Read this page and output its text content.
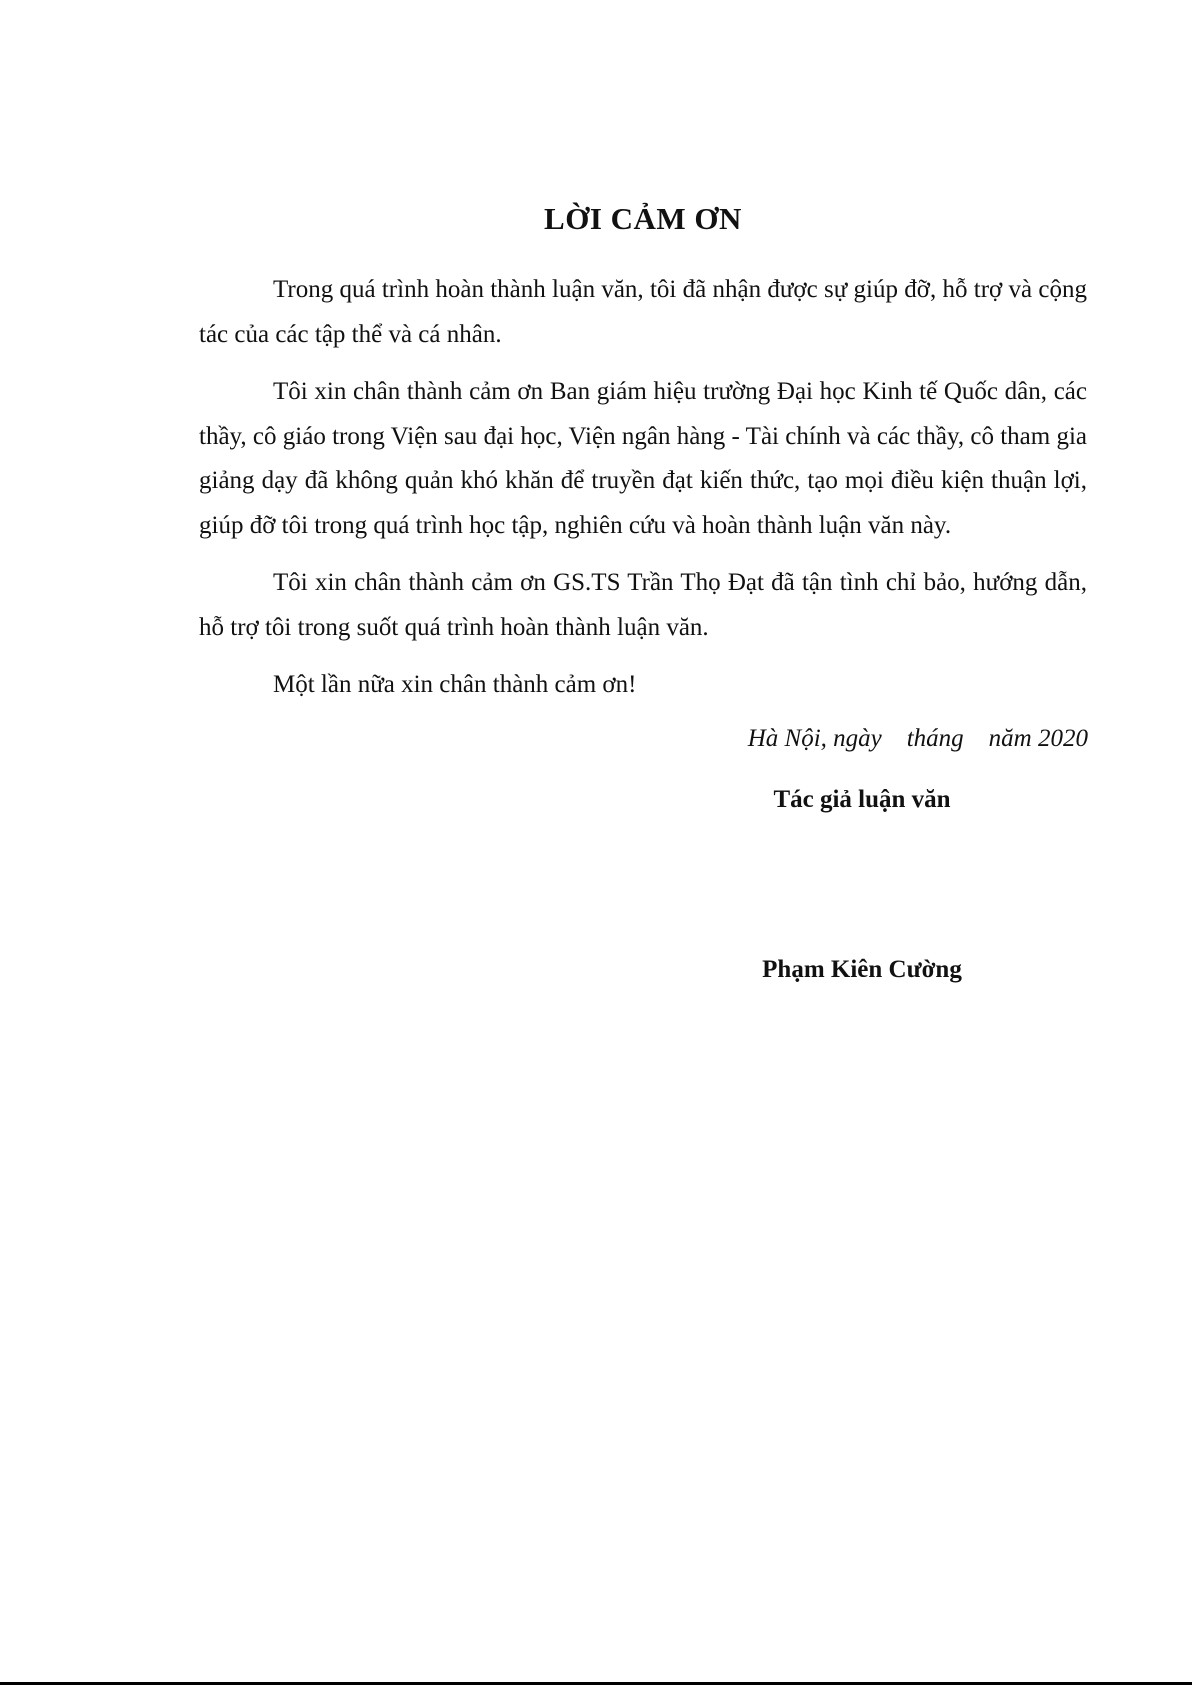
LỜI CẢM ƠN

Trong quá trình hoàn thành luận văn, tôi đã nhận được sự giúp đỡ, hỗ trợ và cộng tác của các tập thể và cá nhân.

Tôi xin chân thành cảm ơn Ban giám hiệu trường Đại học Kinh tế Quốc dân, các thầy, cô giáo trong Viện sau đại học, Viện ngân hàng - Tài chính và các thầy, cô tham gia giảng dạy đã không quản khó khăn để truyền đạt kiến thức, tạo mọi điều kiện thuận lợi, giúp đỡ tôi trong quá trình học tập, nghiên cứu và hoàn thành luận văn này.

Tôi xin chân thành cảm ơn GS.TS Trần Thọ Đạt đã tận tình chỉ bảo, hướng dẫn, hỗ trợ tôi trong suốt quá trình hoàn thành luận văn.

Một lần nữa xin chân thành cảm ơn!

Hà Nội, ngày    tháng    năm 2020
Tác giả luận văn
Phạm Kiên Cường
